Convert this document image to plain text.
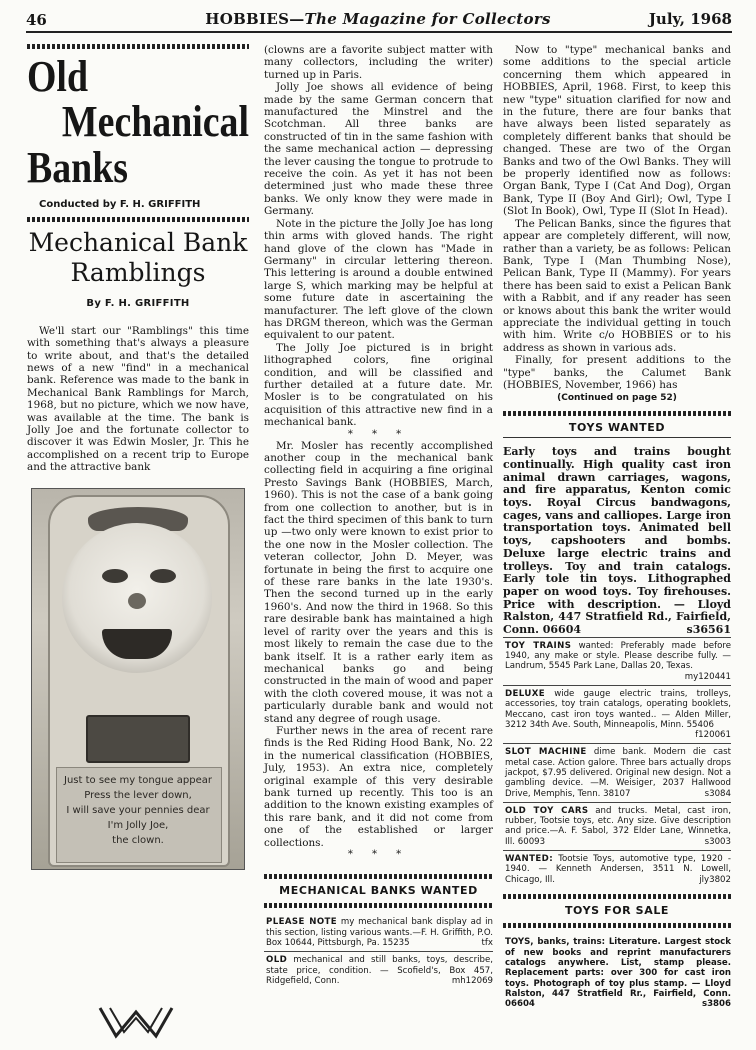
46	HOBBIES—The Magazine for Collectors	July, 1968
Old
Mechanical
Banks
Conducted by F. H. GRIFFITH
Mechanical Bank Ramblings
By F. H. GRIFFITH

We'll start our "Ramblings" this time with something that's always a pleasure to write about, and that's the detailed news of a new "find" in a mechanical bank. Reference was made to the bank in Mechanical Bank Ramblings for March, 1968, but no picture, which we now have, was available at the time. The bank is Jolly Joe and the fortunate collector to discover it was Edwin Mosler, Jr. This he accomplished on a recent trip to Europe and the attractive bank

Just to see my tongue appear
Press the lever down,
I will save your pennies dear
I'm Jolly Joe,
the clown.

(clowns are a favorite subject matter with many collectors, including the writer) turned up in Paris.

Jolly Joe shows all evidence of being made by the same German concern that manufactured the Minstrel and the Scotchman. All three banks are constructed of tin in the same fashion with the same mechanical action — depressing the lever causing the tongue to protrude to receive the coin. As yet it has not been determined just who made these three banks. We only know they were made in Germany.

Note in the picture the Jolly Joe has long thin arms with gloved hands. The right hand glove of the clown has "Made in Germany" in circular lettering thereon. This lettering is around a double entwined large S, which marking may be helpful at some future date in ascertaining the manufacturer. The left glove of the clown has DRGM thereon, which was the German equivalent to our patent.

The Jolly Joe pictured is in bright lithographed colors, fine original condition, and will be classified and further detailed at a future date. Mr. Mosler is to be congratulated on his acquisition of this attractive new find in a mechanical bank.

* * *

Mr. Mosler has recently accomplished another coup in the mechanical bank collecting field in acquiring a fine original Presto Savings Bank (HOBBIES, March, 1960). This is not the case of a bank going from one collection to another, but is in fact the third specimen of this bank to turn up —two only were known to exist prior to the one now in the Mosler collection. The veteran collector, John D. Meyer, was fortunate in being the first to acquire one of these rare banks in the late 1930's. Then the second turned up in the early 1960's. And now the third in 1968. So this rare desirable bank has maintained a high level of rarity over the years and this is most likely to remain the case due to the bank itself. It is a rather early item as mechanical banks go and being constructed in the main of wood and paper with the cloth covered mouse, it was not a particularly durable bank and would not stand any degree of rough usage.

Further news in the area of recent rare finds is the Red Riding Hood Bank, No. 22 in the numerical classification (HOBBIES, July, 1953). An extra nice, completely original example of this very desirable bank turned up recently. This too is an addition to the known existing examples of this rare bank, and it did not come from one of the established or larger collections.

* * *
MECHANICAL BANKS WANTED
PLEASE NOTE my mechanical bank display ad in this section, listing various wants.—F. H. Griffith, P.O. Box 10644, Pittsburgh, Pa. 15235	tfx
OLD mechanical and still banks, toys, describe, state price, condition. — Scofield's, Box 457, Ridgefield, Conn.	mh12069

Now to "type" mechanical banks and some additions to the special article concerning them which appeared in HOBBIES, April, 1968. First, to keep this new "type" situation clarified for now and in the future, there are four banks that have always been listed separately as completely different banks that should be changed. These are two of the Organ Banks and two of the Owl Banks. They will be properly identified now as follows: Organ Bank, Type I (Cat And Dog), Organ Bank, Type II (Boy And Girl); Owl, Type I (Slot In Book), Owl, Type II (Slot In Head).

The Pelican Banks, since the figures that appear are completely different, will now, rather than a variety, be as follows: Pelican Bank, Type I (Man Thumbing Nose), Pelican Bank, Type II (Mammy). For years there has been said to exist a Pelican Bank with a Rabbit, and if any reader has seen or knows about this bank the writer would appreciate the individual getting in touch with him. Write c/o HOBBIES or to his address as shown in various ads.

Finally, for present additions to the "type" banks, the Calumet Bank (HOBBIES, November, 1966) has

(Continued on page 52)
TOYS WANTED

Early toys and trains bought continually. High quality cast iron animal drawn carriages, wagons, and fire apparatus, Kenton comic toys. Royal Circus bandwagons, cages, vans and calliopes. Large iron transportation toys. Animated bell toys, capshooters and bombs. Deluxe large electric trains and trolleys. Toy and train catalogs. Early tole tin toys. Lithographed paper on wood toys. Toy firehouses. Price with description. — Lloyd Ralston, 447 Stratfield Rd., Fairfield, Conn. 06604	s36561

TOY TRAINS wanted: Preferably made before 1940, any make or style. Please describe fully. — Landrum, 5545 Park Lane, Dallas 20, Texas.
my120441
DELUXE wide gauge electric trains, trolleys, accessories, toy train catalogs, operating booklets, Meccano, cast iron toys wanted.. — Alden Miller, 3212 34th Ave. South, Minneapolis, Minn. 55406
f120061
SLOT MACHINE dime bank. Modern die cast metal case. Action galore. Three bars actually drops jackpot, $7.95 delivered. Original new design. Not a gambling device. —M. Weisiger, 2037 Hallwood Drive, Memphis, Tenn. 38107	s3084
OLD TOY CARS and trucks. Metal, cast iron, rubber, Tootsie toys, etc. Any size. Give description and price.—A. F. Sabol, 372 Elder Lane, Winnetka, Ill. 60093	s3003
WANTED: Tootsie Toys, automotive type, 1920 - 1940. — Kenneth Andersen, 3511 N. Lowell, Chicago, Ill.	jly3802
TOYS FOR SALE
TOYS, banks, trains: Literature. Largest stock of new books and reprint manufacturers catalogs anywhere. List, stamp please. Replacement parts: over 300 for cast iron toys. Photograph of toy plus stamp. — Lloyd Ralston, 447 Stratfield Rr., Fairfield, Conn. 06604	s3806
